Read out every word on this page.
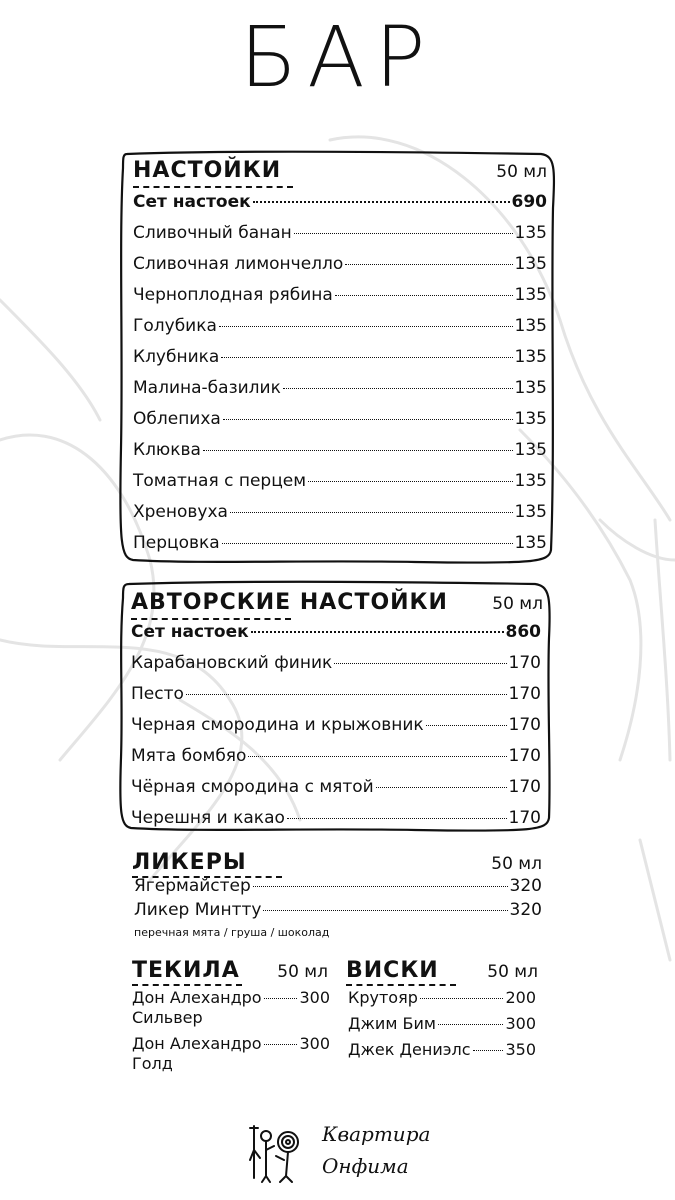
БАР
НАСТОЙКИ	50 мл
Сет настоек	690
Сливочный банан	135
Сливочная лимончелло	135
Черноплодная рябина	135
Голубика	135
Клубника	135
Малина-базилик	135
Облепиха	135
Клюква	135
Томатная с перцем	135
Хреновуха	135
Перцовка	135
АВТОРСКИЕ НАСТОЙКИ	50 мл
Сет настоек	860
Карабановский финик	170
Песто	170
Черная смородина и крыжовник	170
Мята бомбяо	170
Чёрная смородина с мятой	170
Черешня и какао	170
ЛИКЕРЫ	50 мл
Ягермайстер	320
Ликер Минтту	320
перечная мята / груша / шоколад
ТЕКИЛА 50 мл
Дон Алехандро 300
Сильвер
Дон Алехандро 300
Голд
ВИСКИ	50 мл
Крутояр	200
Джим Бим	300
Джек Дениэлс 350
Квартира
Онфима
